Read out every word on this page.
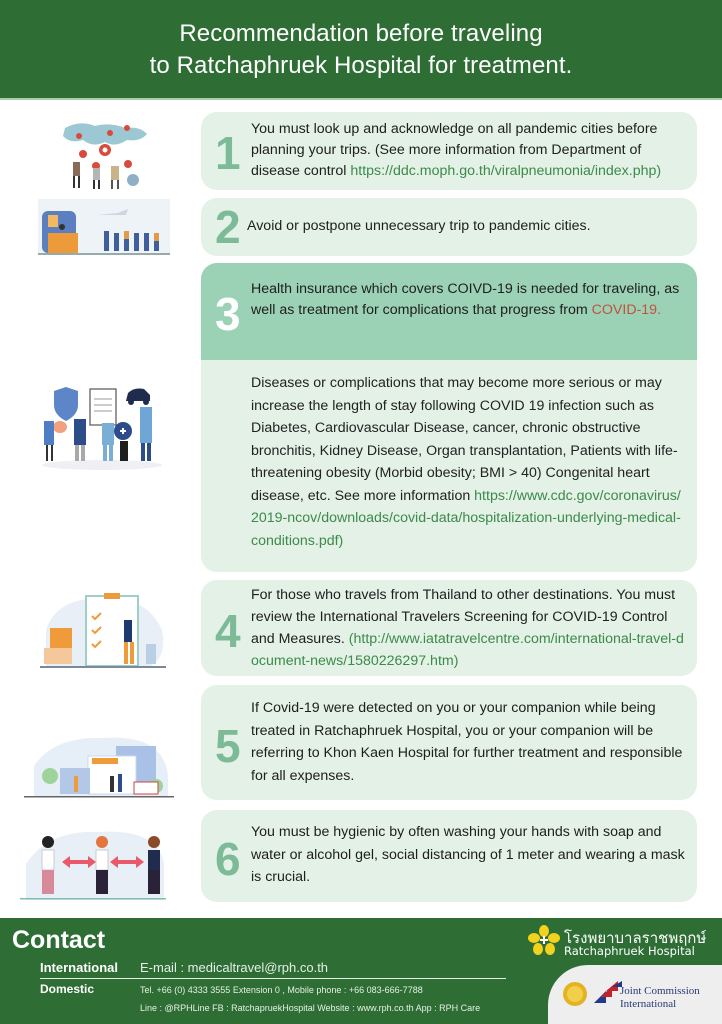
Recommendation before traveling
to Ratchaphruek Hospital for treatment.
1 You must look up and acknowledge on all pandemic cities before planning your trips. (See more information from Department of disease control https://ddc.moph.go.th/viralpneumonia/index.php)
2 Avoid or postpone unnecessary trip to pandemic cities.
3 Health insurance which covers COIVD-19 is needed for traveling, as well as treatment for complications that progress from COVID-19.
Diseases or complications that may become more serious or may increase the length of stay following COVID 19 infection such as Diabetes, Cardiovascular Disease, cancer, chronic obstructive bronchitis, Kidney Disease, Organ transplantation, Patients with life-threatening obesity (Morbid obesity; BMI > 40) Congenital heart disease, etc. See more information https://www.cdc.gov/coronavirus/2019-ncov/downloads/covid-data/hospitalization-underlying-medical-conditions.pdf)
4
For those who travels from Thailand to other destinations. You must review the International Travelers Screening for COVID-19 Control and Measures. (http://www.iatatravelcentre.com/international-travel-document-news/1580226297.htm)
5
If Covid-19 were detected on you or your companion while being treated in Ratchaphruek Hospital, you or your companion will be referring to Khon Kaen Hospital for further treatment and responsible for all expenses.
6
You must be hygienic by often washing your hands with soap and water or alcohol gel, social distancing of 1 meter and wearing a mask is crucial.
Contact
International E-mail : medicaltravel@rph.co.th
Domestic	Tel. +66 (0) 4333 3555 Extension 0 , Mobile phone : +66 083-666-7788
Line : @RPHLine FB : RatchapruekHospital Website : www.rph.co.th App : RPH Care
โรงพยาบาลราชพฤกษ์
Ratchaphruek Hospital
Joint Commission
International
